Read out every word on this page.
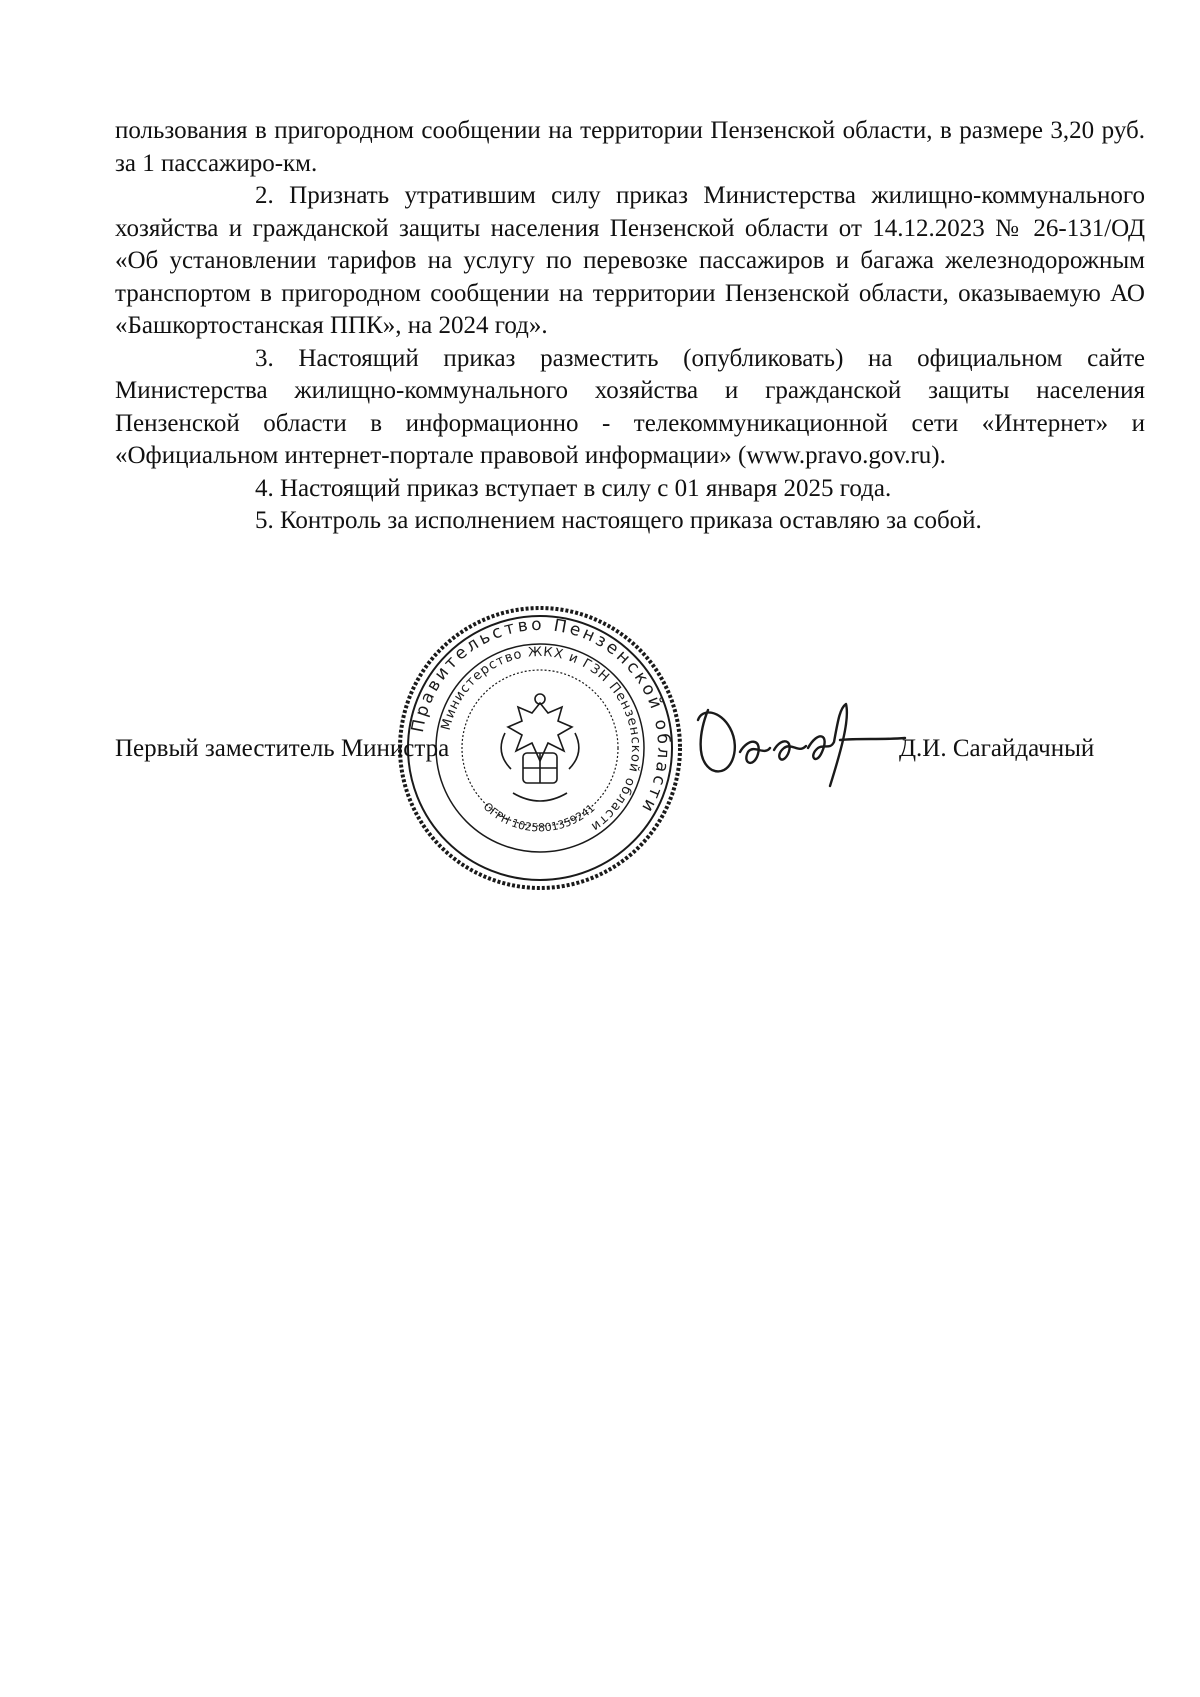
пользования в пригородном сообщении на территории Пензенской области, в размере 3,20 руб. за 1 пассажиро-км.

2. Признать утратившим силу приказ Министерства жилищно-коммунального хозяйства и гражданской защиты населения Пензенской области от 14.12.2023 № 26-131/ОД «Об установлении тарифов на услугу по перевозке пассажиров и багажа железнодорожным транспортом в пригородном сообщении на территории Пензенской области, оказываемую АО «Башкортостанская ППК», на 2024 год».

3. Настоящий приказ разместить (опубликовать) на официальном сайте Министерства жилищно-коммунального хозяйства и гражданской защиты населения Пензенской области в информационно - телекоммуникационной сети «Интернет» и «Официальном интернет-портале правовой информации» (www.pravo.gov.ru).

4. Настоящий приказ вступает в силу с 01 января 2025 года.

5. Контроль за исполнением настоящего приказа оставляю за собой.

Правительство Пензенской области
Министерство ЖКХ и ГЗН Пензенской области
ОГРН 1025801359241
Первый заместитель Министра	Д.И. Сагайдачный
